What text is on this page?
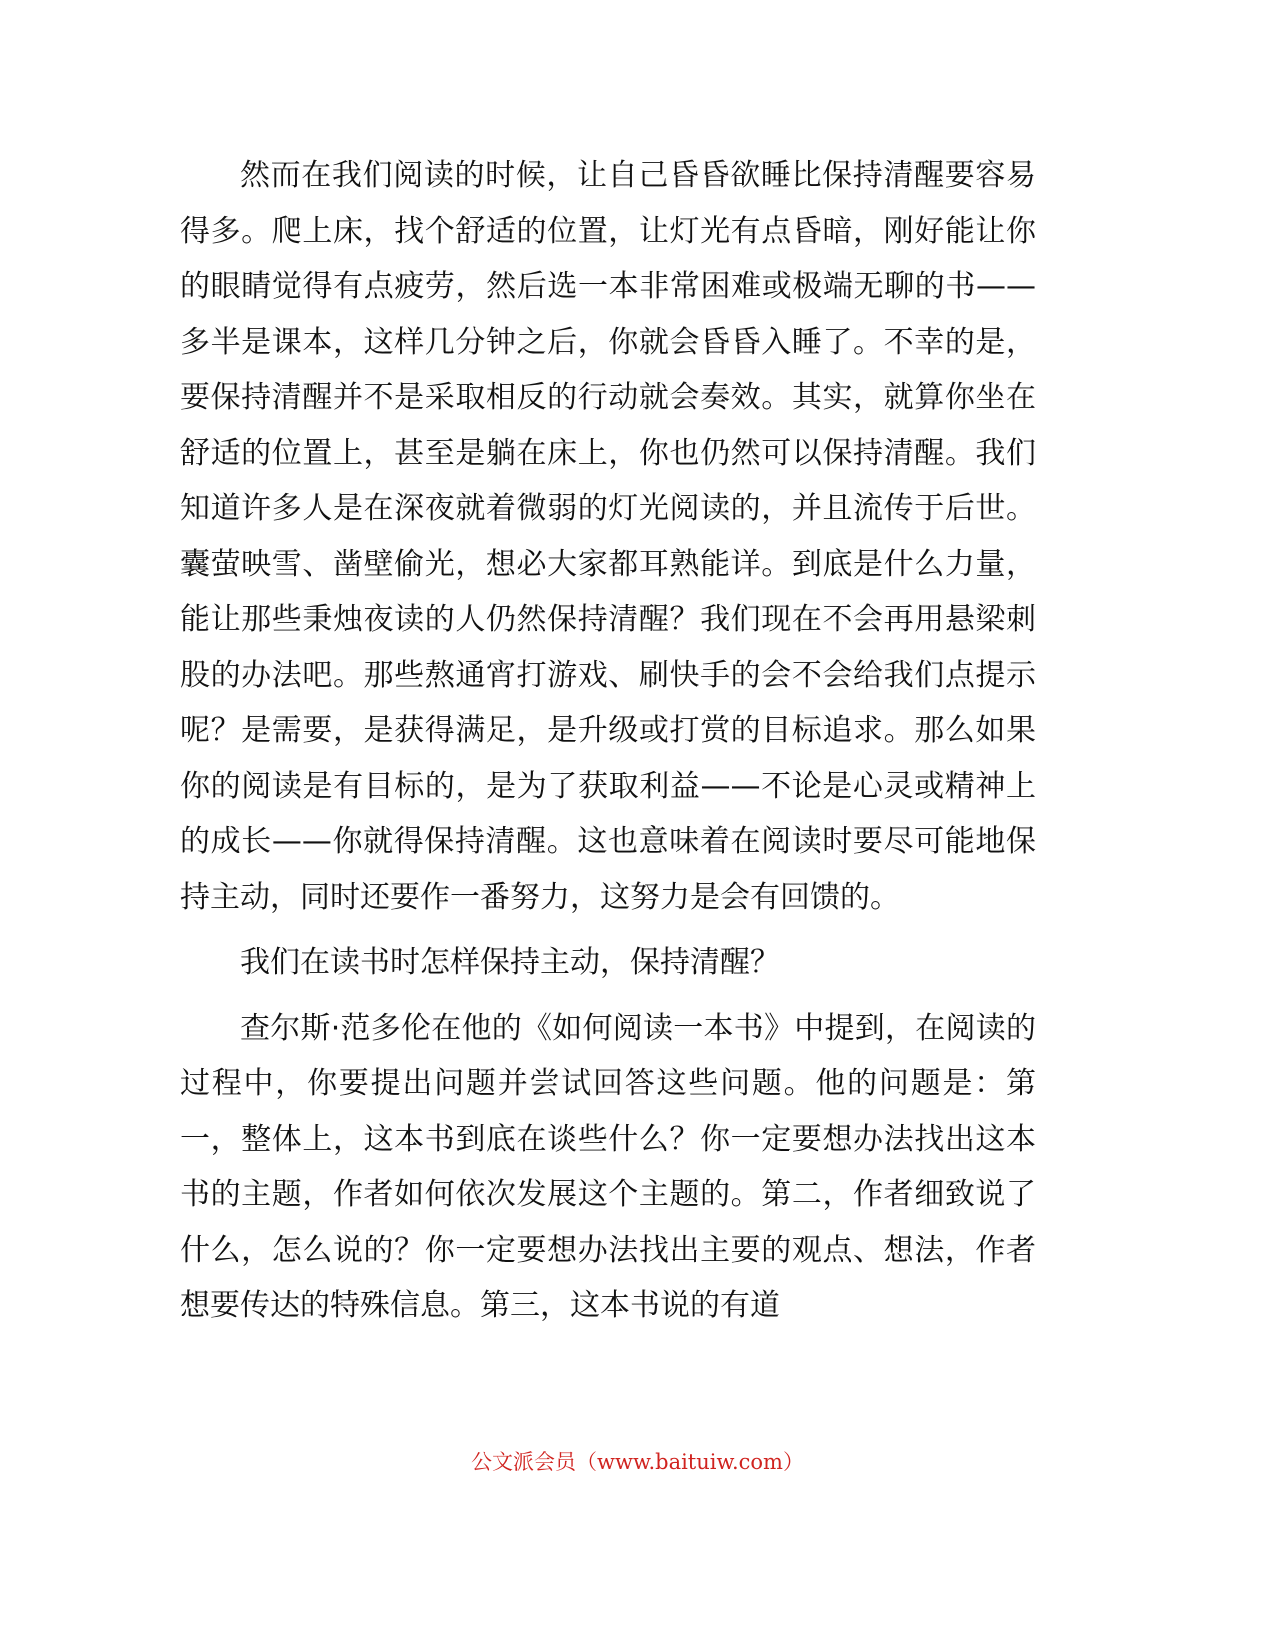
然而在我们阅读的时候，让自己昏昏欲睡比保持清醒要容易得多。爬上床，找个舒适的位置，让灯光有点昏暗，刚好能让你的眼睛觉得有点疲劳，然后选一本非常困难或极端无聊的书——多半是课本，这样几分钟之后，你就会昏昏入睡了。不幸的是，要保持清醒并不是采取相反的行动就会奏效。其实，就算你坐在舒适的位置上，甚至是躺在床上，你也仍然可以保持清醒。我们知道许多人是在深夜就着微弱的灯光阅读的，并且流传于后世。囊萤映雪、凿壁偷光，想必大家都耳熟能详。到底是什么力量，能让那些秉烛夜读的人仍然保持清醒？我们现在不会再用悬梁刺股的办法吧。那些熬通宵打游戏、刷快手的会不会给我们点提示呢？是需要，是获得满足，是升级或打赏的目标追求。那么如果你的阅读是有目标的，是为了获取利益——不论是心灵或精神上的成长——你就得保持清醒。这也意味着在阅读时要尽可能地保持主动，同时还要作一番努力，这努力是会有回馈的。

我们在读书时怎样保持主动，保持清醒？

查尔斯·范多伦在他的《如何阅读一本书》中提到，在阅读的过程中，你要提出问题并尝试回答这些问题。他的问题是：第一，整体上，这本书到底在谈些什么？你一定要想办法找出这本书的主题，作者如何依次发展这个主题的。第二，作者细致说了什么，怎么说的？你一定要想办法找出主要的观点、想法，作者想要传达的特殊信息。第三，这本书说的有道

公文派会员（www.baituiw.com）
